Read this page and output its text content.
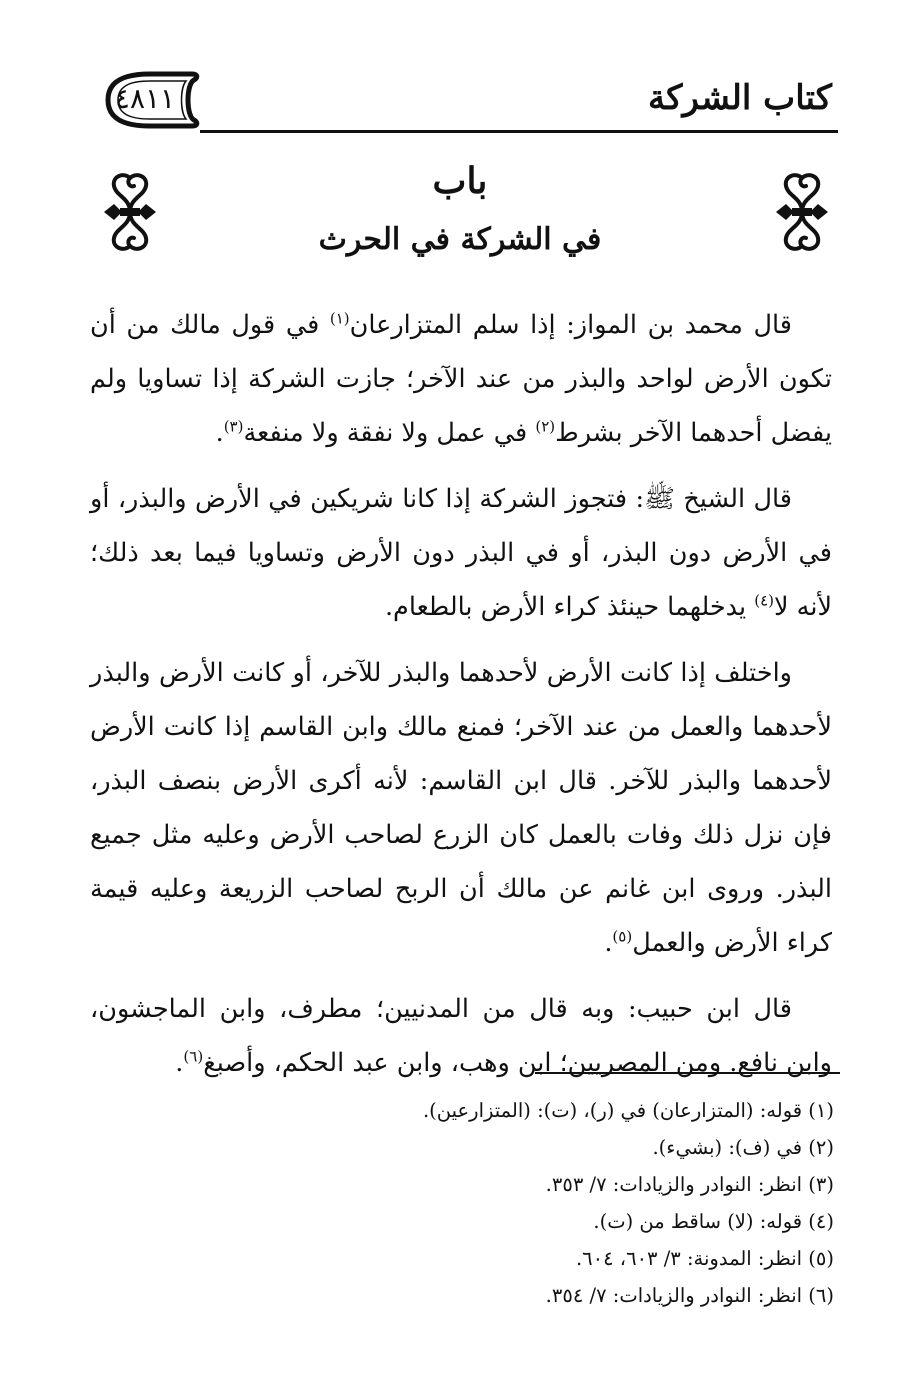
كتاب الشركة
٤٨١١
باب
في الشركة في الحرث

قال محمد بن المواز: إذا سلم المتزارعان$^{(١)}$ في قول مالك من أن تكون الأرض لواحد والبذر من عند الآخر؛ جازت الشركة إذا تساويا ولم يفضل أحدهما الآخر بشرط$^{(٢)}$ في عمل ولا نفقة ولا منفعة$^{(٣)}$.

قال الشيخ ﷺ: فتجوز الشركة إذا كانا شريكين في الأرض والبذر، أو في الأرض دون البذر، أو في البذر دون الأرض وتساويا فيما بعد ذلك؛ لأنه لا$^{(٤)}$ يدخلهما حينئذ كراء الأرض بالطعام.

واختلف إذا كانت الأرض لأحدهما والبذر للآخر، أو كانت الأرض والبذر لأحدهما والعمل من عند الآخر؛ فمنع مالك وابن القاسم إذا كانت الأرض لأحدهما والبذر للآخر. قال ابن القاسم: لأنه أكرى الأرض بنصف البذر، فإن نزل ذلك وفات بالعمل كان الزرع لصاحب الأرض وعليه مثل جميع البذر. وروى ابن غانم عن مالك أن الربح لصاحب الزريعة وعليه قيمة كراء الأرض والعمل$^{(٥)}$.

قال ابن حبيب: وبه قال من المدنيين؛ مطرف، وابن الماجشون، وابن نافع. ومن المصريين؛ ابن وهب، وابن عبد الحكم، وأصبغ$^{(٦)}$.

(١) قوله: (المتزارعان) في (ر)، (ت): (المتزارعين).
(٢) في (ف): (بشيء).
(٣) انظر: النوادر والزيادات: ٧/ ٣٥٣.
(٤) قوله: (لا) ساقط من (ت).
(٥) انظر: المدونة: ٣/ ٦٠٣، ٦٠٤.
(٦) انظر: النوادر والزيادات: ٧/ ٣٥٤.
